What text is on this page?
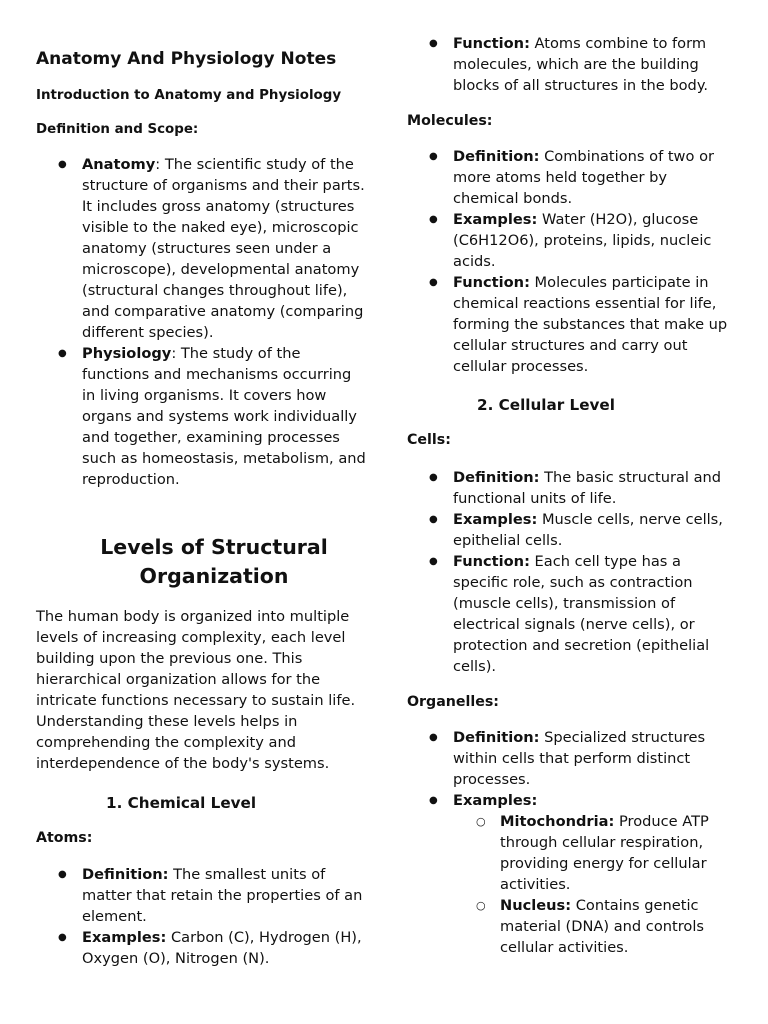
Anatomy And Physiology Notes
Introduction to Anatomy and Physiology
Definition and Scope:
● Anatomy: The scientific study of the structure of organisms and their parts. It includes gross anatomy (structures visible to the naked eye), microscopic anatomy (structures seen under a microscope), developmental anatomy (structural changes throughout life), and comparative anatomy (comparing different species).
● Physiology: The study of the functions and mechanisms occurring in living organisms. It covers how organs and systems work individually and together, examining processes such as homeostasis, metabolism, and reproduction.
Levels of Structural
Organization

The human body is organized into multiple levels of increasing complexity, each level building upon the previous one. This hierarchical organization allows for the intricate functions necessary to sustain life. Understanding these levels helps in comprehending the complexity and interdependence of the body's systems.

1. Chemical Level
Atoms:
● Definition: The smallest units of matter that retain the properties of an element.
● Examples: Carbon (C), Hydrogen (H), Oxygen (O), Nitrogen (N).
● Function: Atoms combine to form molecules, which are the building blocks of all structures in the body.
Molecules:
● Definition: Combinations of two or more atoms held together by chemical bonds.
● Examples: Water (H2O), glucose (C6H12O6), proteins, lipids, nucleic acids.
● Function: Molecules participate in chemical reactions essential for life, forming the substances that make up cellular structures and carry out cellular processes.
2. Cellular Level
Cells:
● Definition: The basic structural and functional units of life.
● Examples: Muscle cells, nerve cells, epithelial cells.
● Function: Each cell type has a specific role, such as contraction (muscle cells), transmission of electrical signals (nerve cells), or protection and secretion (epithelial cells).
Organelles:
● Definition: Specialized structures within cells that perform distinct processes.
● Examples:
○ Mitochondria: Produce ATP through cellular respiration, providing energy for cellular activities.
○ Nucleus: Contains genetic material (DNA) and controls cellular activities.
